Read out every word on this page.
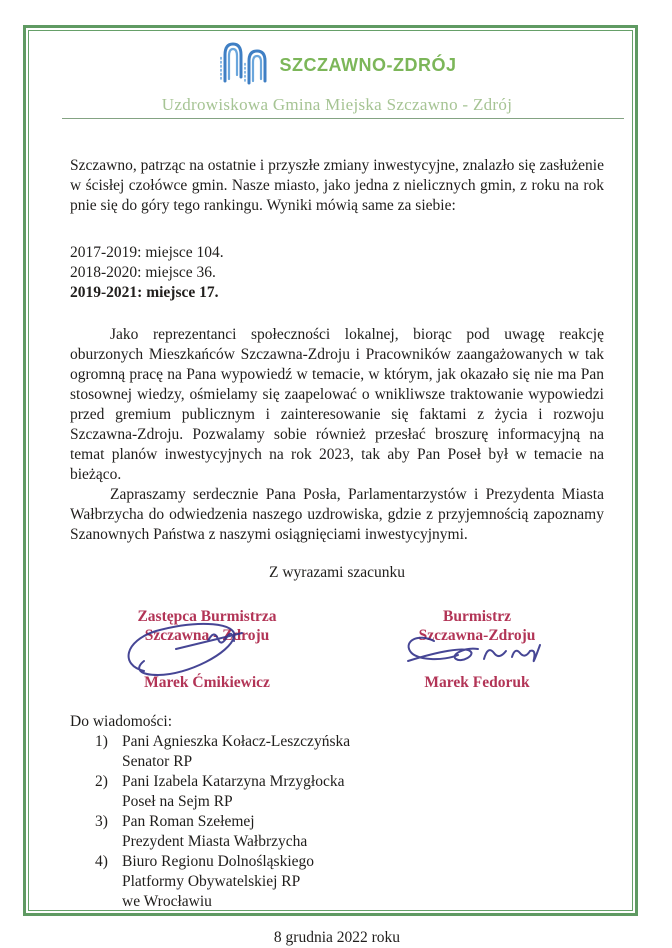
SZCZAWNO-ZDRÓJ
Uzdrowiskowa Gmina Miejska Szczawno - Zdrój

Szczawno, patrząc na ostatnie i przyszłe zmiany inwestycyjne, znalazło się zasłużenie w ścisłej czołówce gmin. Nasze miasto, jako jedna z nielicznych gmin, z roku na rok pnie się do góry tego rankingu. Wyniki mówią same za siebie:

2017-2019: miejsce 104.
2018-2020: miejsce 36.
2019-2021: miejsce 17.

Jako reprezentanci społeczności lokalnej, biorąc pod uwagę reakcję oburzonych Mieszkańców Szczawna-Zdroju i Pracowników zaangażowanych w tak ogromną pracę na Pana wypowiedź w temacie, w którym, jak okazało się nie ma Pan stosownej wiedzy, ośmielamy się zaapelować o wnikliwsze traktowanie wypowiedzi przed gremium publicznym i zainteresowanie się faktami z życia i rozwoju Szczawna-Zdroju. Pozwalamy sobie również przesłać broszurę informacyjną na temat planów inwestycyjnych na rok 2023, tak aby Pan Poseł był w temacie na bieżąco.

Zapraszamy serdecznie Pana Posła, Parlamentarzystów i Prezydenta Miasta Wałbrzycha do odwiedzenia naszego uzdrowiska, gdzie z przyjemnością zapoznamy Szanownych Państwa z naszymi osiągnięciami inwestycyjnymi.

Z wyrazami szacunku
Zastępca Burmistrza
Szczawna - Zdroju
Marek Ćmikiewicz
Burmistrz
Szczawna-Zdroju
Marek Fedoruk
Do wiadomości:
1) Pani Agnieszka Kołacz-Leszczyńska
Senator RP
2) Pani Izabela Katarzyna Mrzygłocka
Poseł na Sejm RP
3) Pan Roman Szełemej
Prezydent Miasta Wałbrzycha
4) Biuro Regionu Dolnośląskiego
Platformy Obywatelskiej RP
we Wrocławiu
8 grudnia 2022 roku
